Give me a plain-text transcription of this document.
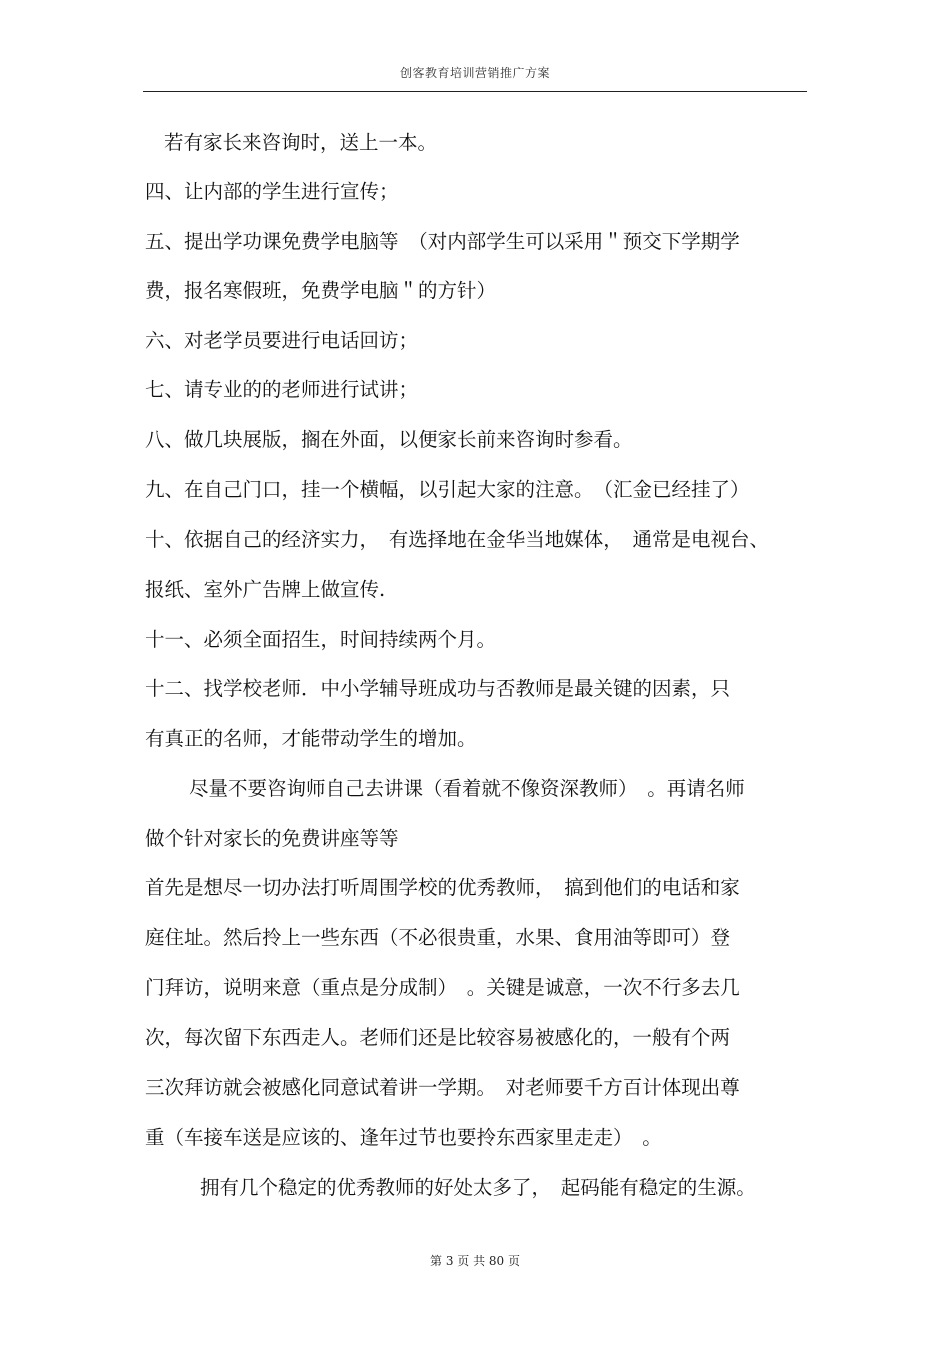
创客教育培训营销推广方案
若有家长来咨询时，送上一本。
四、让内部的学生进行宣传；
五、提出学功课免费学电脑等　（对内部学生可以采用＂预交下学期学
费，报名寒假班，免费学电脑＂的方针）
六、对老学员要进行电话回访；
七、请专业的的老师进行试讲；
八、做几块展版，搁在外面，以便家长前来咨询时参看。
九、在自己门口，挂一个横幅，以引起大家的注意。　（汇金已经挂了）
十、依据自己的经济实力，　有选择地在金华当地媒体，　通常是电视台、
报纸、室外广告牌上做宣传.
十一、必须全面招生，时间持续两个月。
十二、找学校老师．中小学辅导班成功与否教师是最关键的因素，只
有真正的名师，才能带动学生的增加。
尽量不要咨询师自己去讲课（看着就不像资深教师）　。再请名师
做个针对家长的免费讲座等等
首先是想尽一切办法打听周围学校的优秀教师，　搞到他们的电话和家
庭住址。然后拎上一些东西（不必很贵重，水果、食用油等即可）登
门拜访，说明来意（重点是分成制）　。关键是诚意，一次不行多去几
次，每次留下东西走人。老师们还是比较容易被感化的，一般有个两
三次拜访就会被感化同意试着讲一学期。　对老师要千方百计体现出尊
重（车接车送是应该的、逢年过节也要拎东西家里走走）　。
拥有几个稳定的优秀教师的好处太多了，　起码能有稳定的生源。
第 3 页 共 80 页
